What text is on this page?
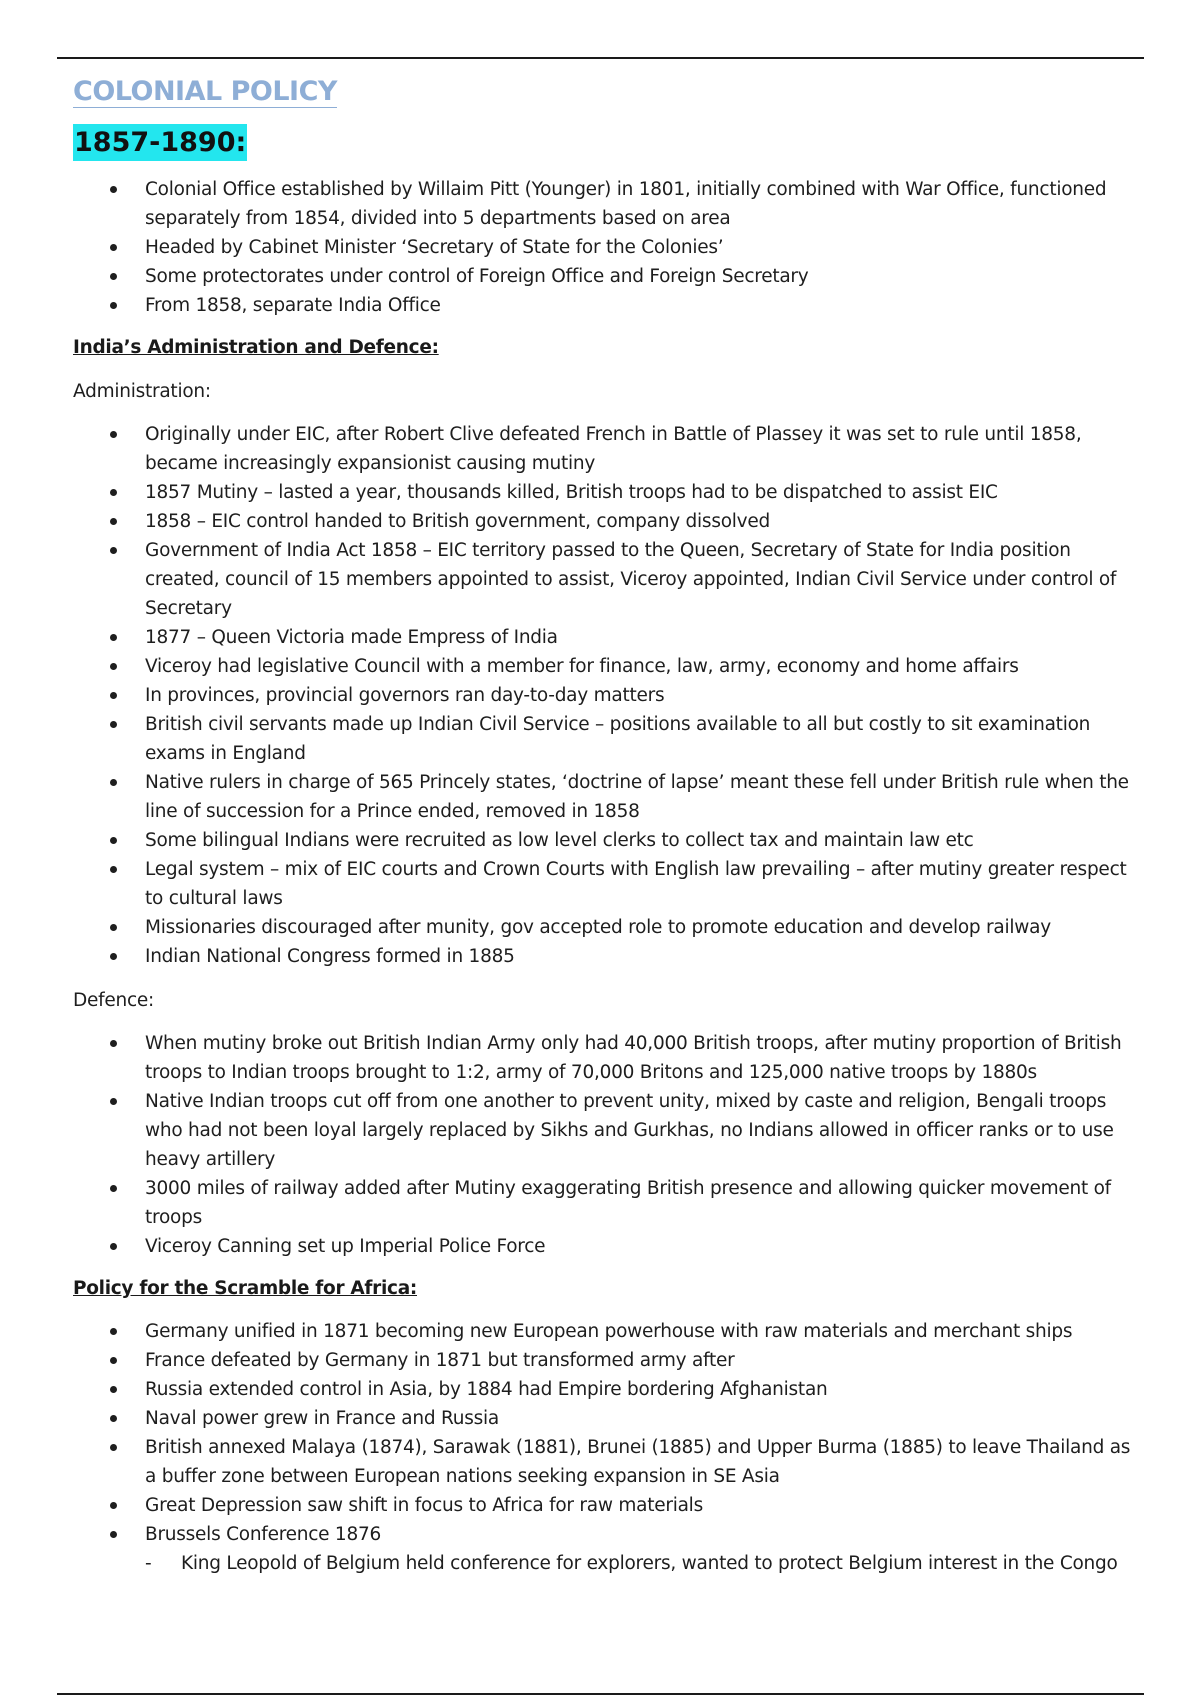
COLONIAL POLICY
1857-1890:
Colonial Office established by Willaim Pitt (Younger) in 1801, initially combined with War Office, functioned separately from 1854, divided into 5 departments based on area
Headed by Cabinet Minister ‘Secretary of State for the Colonies’
Some protectorates under control of Foreign Office and Foreign Secretary
From 1858, separate India Office
India’s Administration and Defence:
Administration:
Originally under EIC, after Robert Clive defeated French in Battle of Plassey it was set to rule until 1858, became increasingly expansionist causing mutiny
1857 Mutiny – lasted a year, thousands killed, British troops had to be dispatched to assist EIC
1858 – EIC control handed to British government, company dissolved
Government of India Act 1858 – EIC territory passed to the Queen, Secretary of State for India position created, council of 15 members appointed to assist, Viceroy appointed, Indian Civil Service under control of Secretary
1877 – Queen Victoria made Empress of India
Viceroy had legislative Council with a member for finance, law, army, economy and home affairs
In provinces, provincial governors ran day-to-day matters
British civil servants made up Indian Civil Service – positions available to all but costly to sit examination exams in England
Native rulers in charge of 565 Princely states, ‘doctrine of lapse’ meant these fell under British rule when the line of succession for a Prince ended, removed in 1858
Some bilingual Indians were recruited as low level clerks to collect tax and maintain law etc
Legal system – mix of EIC courts and Crown Courts with English law prevailing – after mutiny greater respect to cultural laws
Missionaries discouraged after munity, gov accepted role to promote education and develop railway
Indian National Congress formed in 1885
Defence:
When mutiny broke out British Indian Army only had 40,000 British troops, after mutiny proportion of British troops to Indian troops brought to 1:2, army of 70,000 Britons and 125,000 native troops by 1880s
Native Indian troops cut off from one another to prevent unity, mixed by caste and religion, Bengali troops who had not been loyal largely replaced by Sikhs and Gurkhas, no Indians allowed in officer ranks or to use heavy artillery
3000 miles of railway added after Mutiny exaggerating British presence and allowing quicker movement of troops
Viceroy Canning set up Imperial Police Force
Policy for the Scramble for Africa:
Germany unified in 1871 becoming new European powerhouse with raw materials and merchant ships
France defeated by Germany in 1871 but transformed army after
Russia extended control in Asia, by 1884 had Empire bordering Afghanistan
Naval power grew in France and Russia
British annexed Malaya (1874), Sarawak (1881), Brunei (1885) and Upper Burma (1885) to leave Thailand as a buffer zone between European nations seeking expansion in SE Asia
Great Depression saw shift in focus to Africa for raw materials
Brussels Conference 1876
- King Leopold of Belgium held conference for explorers, wanted to protect Belgium interest in the Congo
